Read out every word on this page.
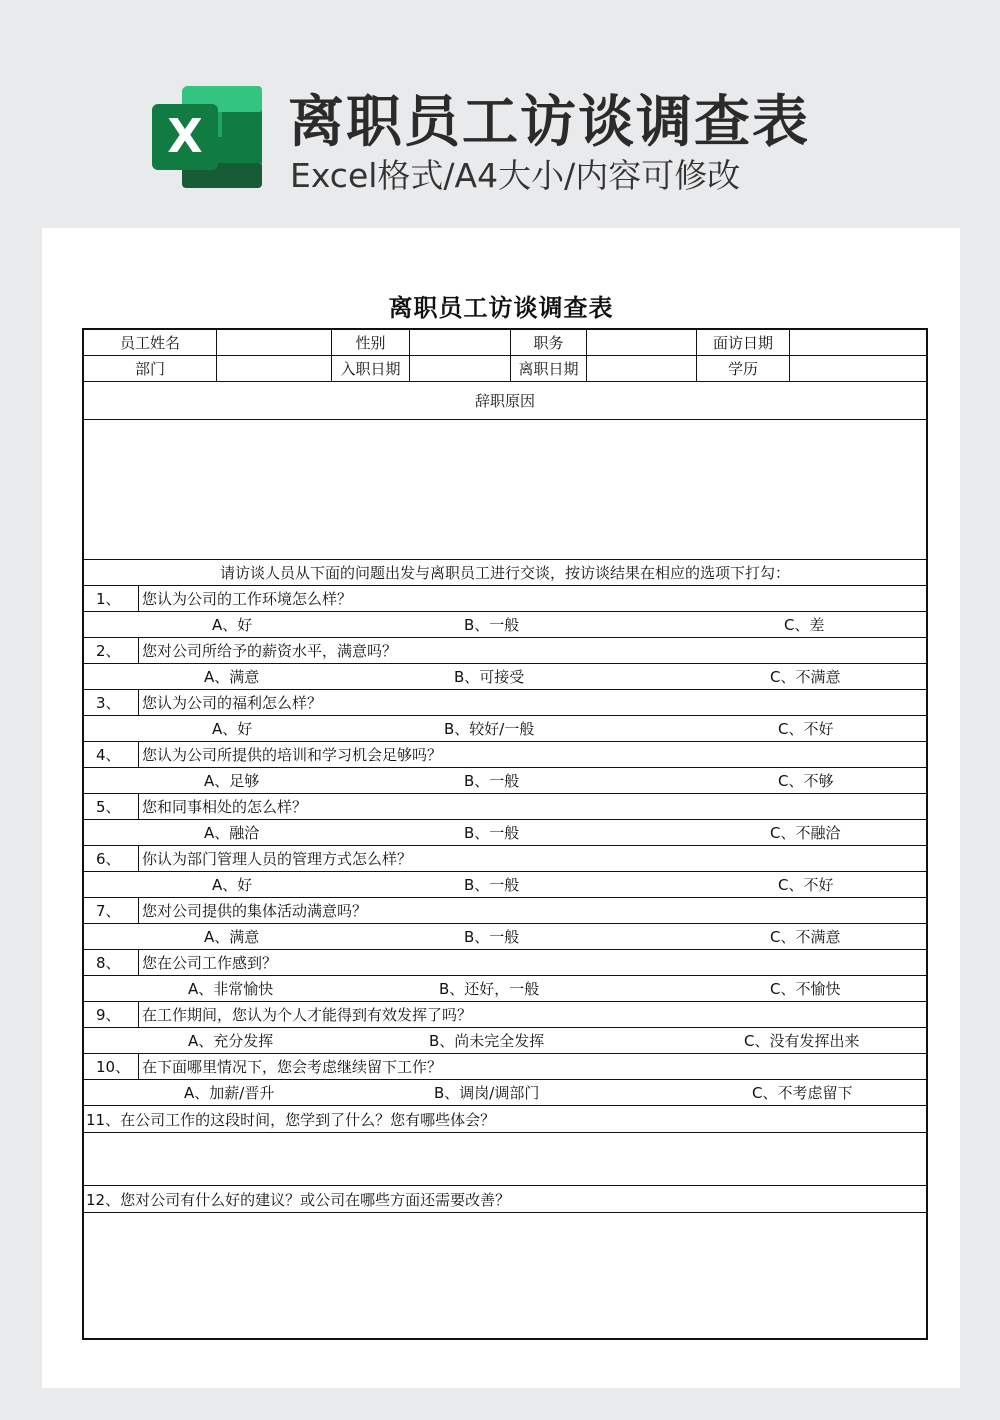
X 离职员工访谈调查表
Excel格式/A4大小/内容可修改
离职员工访谈调查表
员工姓名	性别	职务	面访日期
部门	入职日期	离职日期	学历
辞职原因
请访谈人员从下面的问题出发与离职员工进行交谈，按访谈结果在相应的选项下打勾：
1、	您认为公司的工作环境怎么样？
A、好	B、一般	C、差
2、	您对公司所给予的薪资水平，满意吗？
A、满意	B、可接受	C、不满意
3、	您认为公司的福利怎么样？
A、好	B、较好/一般	C、不好
4、	您认为公司所提供的培训和学习机会足够吗？
A、足够	B、一般	C、不够
5、	您和同事相处的怎么样？
A、融洽	B、一般	C、不融洽
6、	你认为部门管理人员的管理方式怎么样？
A、好	B、一般	C、不好
7、	您对公司提供的集体活动满意吗？
A、满意	B、一般	C、不满意
8、	您在公司工作感到？
A、非常愉快	B、还好，一般	C、不愉快
9、	在工作期间，您认为个人才能得到有效发挥了吗？
A、充分发挥	B、尚未完全发挥	C、没有发挥出来
10、 在下面哪里情况下，您会考虑继续留下工作？
A、加薪/晋升	B、调岗/调部门	C、不考虑留下
11、在公司工作的这段时间，您学到了什么？您有哪些体会？
12、您对公司有什么好的建议？或公司在哪些方面还需要改善？
